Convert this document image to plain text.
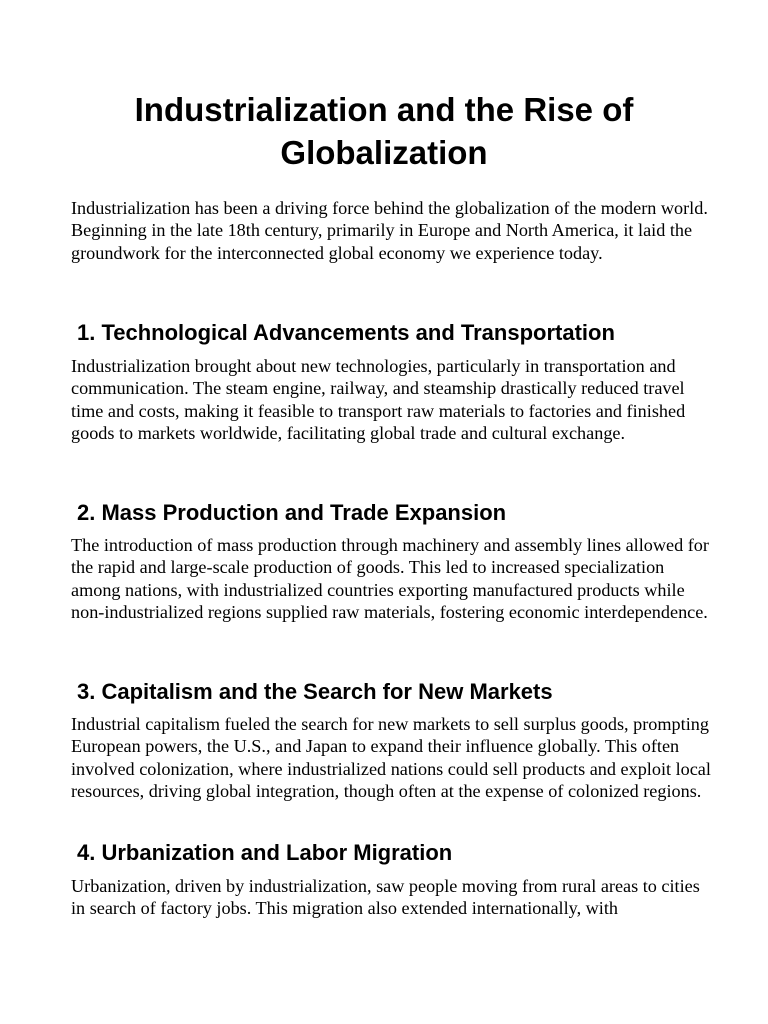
Industrialization and the Rise of Globalization

Industrialization has been a driving force behind the globalization of the modern world. Beginning in the late 18th century, primarily in Europe and North America, it laid the groundwork for the interconnected global economy we experience today.

1. Technological Advancements and Transportation

Industrialization brought about new technologies, particularly in transportation and communication. The steam engine, railway, and steamship drastically reduced travel time and costs, making it feasible to transport raw materials to factories and finished goods to markets worldwide, facilitating global trade and cultural exchange.

2. Mass Production and Trade Expansion

The introduction of mass production through machinery and assembly lines allowed for the rapid and large-scale production of goods. This led to increased specialization among nations, with industrialized countries exporting manufactured products while non-industrialized regions supplied raw materials, fostering economic interdependence.

3. Capitalism and the Search for New Markets

Industrial capitalism fueled the search for new markets to sell surplus goods, prompting European powers, the U.S., and Japan to expand their influence globally. This often involved colonization, where industrialized nations could sell products and exploit local resources, driving global integration, though often at the expense of colonized regions.

4. Urbanization and Labor Migration

Urbanization, driven by industrialization, saw people moving from rural areas to cities in search of factory jobs. This migration also extended internationally, with
